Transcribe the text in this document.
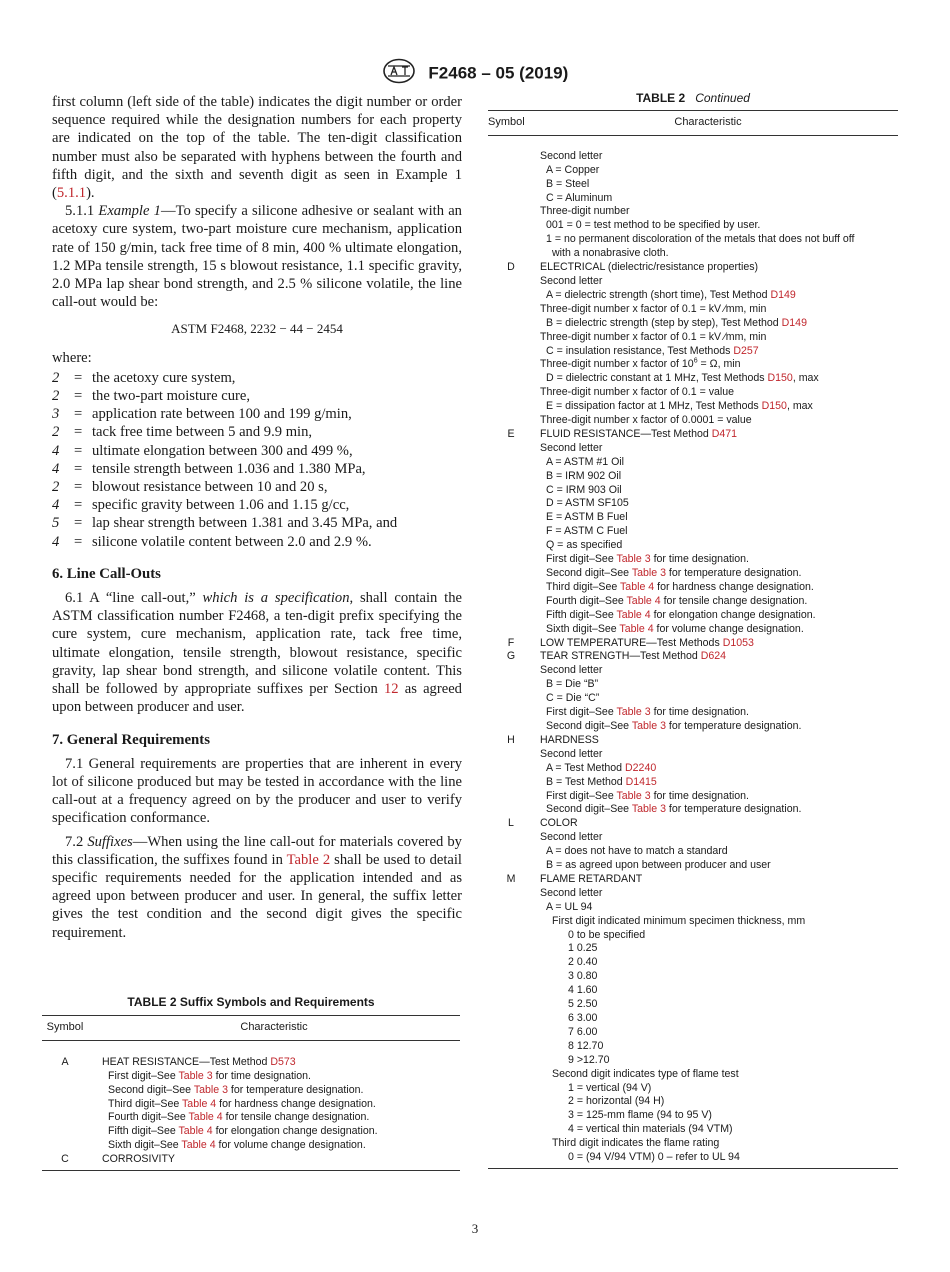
F2468 – 05 (2019)

first column (left side of the table) indicates the digit number or order sequence required while the designation numbers for each property are indicated on the top of the table. The ten-digit classification number must also be separated with hyphens between the fourth and fifth digit, and the sixth and seventh digit as seen in Example 1 (5.1.1).

5.1.1 Example 1—To specify a silicone adhesive or sealant with an acetoxy cure system, two-part moisture cure mechanism, application rate of 150 g/min, tack free time of 8 min, 400 % ultimate elongation, 1.2 MPa tensile strength, 15 s blowout resistance, 1.1 specific gravity, 2.0 MPa lap shear bond strength, and 2.5 % silicone volatile, the line call-out would be:

ASTM F2468, 2232 − 44 − 2454

where:

2	= the acetoxy cure system,
2	= the two-part moisture cure,
3	= application rate between 100 and 199 g/min,
2	= tack free time between 5 and 9.9 min,
4	= ultimate elongation between 300 and 499 %,
4	= tensile strength between 1.036 and 1.380 MPa,
2	= blowout resistance between 10 and 20 s,
4	= specific gravity between 1.06 and 1.15 g/cc,
5	= lap shear strength between 1.381 and 3.45 MPa, and
4	= silicone volatile content between 2.0 and 2.9 %.
6. Line Call-Outs

6.1 A “line call-out,” which is a specification, shall contain the ASTM classification number F2468, a ten-digit prefix specifying the cure system, cure mechanism, application rate, tack free time, ultimate elongation, tensile strength, blowout resistance, specific gravity, lap shear bond strength, and silicone volatile content. This shall be followed by appropriate suffixes per Section 12 as agreed upon between producer and user.

7. General Requirements

7.1 General requirements are properties that are inherent in every lot of silicone produced but may be tested in accordance with the line call-out at a frequency agreed on by the producer and user to verify specification conformance.

7.2 Suffixes—When using the line call-out for materials covered by this classification, the suffixes found in Table 2 shall be used to detail specific requirements needed for the application intended and as agreed upon between producer and user. In general, the suffix letter gives the test condition and the second digit gives the specific requirement.

TABLE 2 Suffix Symbols and Requirements
Symbol	Characteristic
A	HEAT RESISTANCE—Test Method D573
First digit–See Table 3 for time designation.
Second digit–See Table 3 for temperature designation.
Third digit–See Table 4 for hardness change designation.
Fourth digit–See Table 4 for tensile change designation.
Fifth digit–See Table 4 for elongation change designation.
Sixth digit–See Table 4 for volume change designation.
C	CORROSIVITY
TABLE 2 Continued
Symbol	Characteristic
Second letter
A = Copper
B = Steel
C = Aluminum
Three-digit number
001 = 0 = test method to be specified by user.
1 = no permanent discoloration of the metals that does not buff off
with a nonabrasive cloth.
D	ELECTRICAL (dielectric/resistance properties)
Second letter
A = dielectric strength (short time), Test Method D149
Three-digit number x factor of 0.1 = kV ⁄mm, min
B = dielectric strength (step by step), Test Method D149
Three-digit number x factor of 0.1 = kV ⁄mm, min
C = insulation resistance, Test Methods D257
Three-digit number x factor of $10^6 = \Omega$, min
D = dielectric constant at 1 MHz, Test Methods D150, max
Three-digit number x factor of 0.1 = value
E = dissipation factor at 1 MHz, Test Methods D150, max
Three-digit number x factor of 0.0001 = value
E	FLUID RESISTANCE—Test Method D471
Second letter
A = ASTM #1 Oil
B = IRM 902 Oil
C = IRM 903 Oil
D = ASTM SF105
E = ASTM B Fuel
F = ASTM C Fuel
Q = as specified
First digit–See Table 3 for time designation.
Second digit–See Table 3 for temperature designation.
Third digit–See Table 4 for hardness change designation.
Fourth digit–See Table 4 for tensile change designation.
Fifth digit–See Table 4 for elongation change designation.
Sixth digit–See Table 4 for volume change designation.
F	LOW TEMPERATURE—Test Methods D1053
G	TEAR STRENGTH—Test Method D624
Second letter
B = Die “B”
C = Die “C”
First digit–See Table 3 for time designation.
Second digit–See Table 3 for temperature designation.
H	HARDNESS
Second letter
A = Test Method D2240
B = Test Method D1415
First digit–See Table 3 for time designation.
Second digit–See Table 3 for temperature designation.
L	COLOR
Second letter
A = does not have to match a standard
B = as agreed upon between producer and user
M	FLAME RETARDANT
Second letter
A = UL 94
First digit indicated minimum specimen thickness, mm
0 to be specified
1 0.25
2 0.40
3 0.80
4 1.60
5 2.50
6 3.00
7 6.00
8 12.70
9 >12.70
Second digit indicates type of flame test
1 = vertical (94 V)
2 = horizontal (94 H)
3 = 125-mm flame (94 to 95 V)
4 = vertical thin materials (94 VTM)
Third digit indicates the flame rating
0 = (94 V/94 VTM) 0 – refer to UL 94
3
